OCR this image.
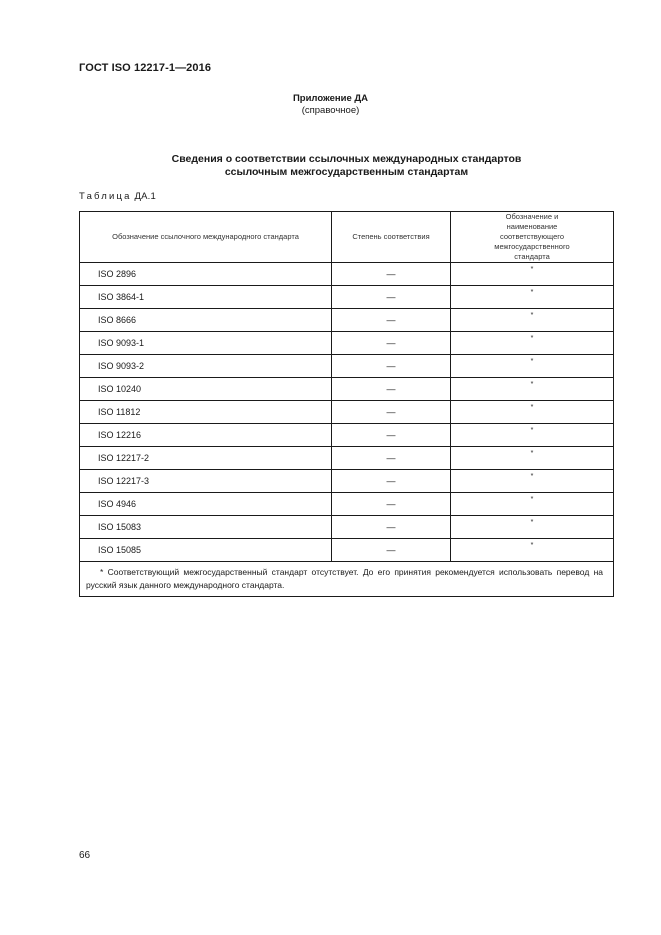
ГОСТ ISO 12217-1—2016
Приложение ДА
(справочное)
Сведения о соответствии ссылочных международных стандартов
ссылочным межгосударственным стандартам
Таблица ДА.1
Обозначение ссылочного международного стандарта	Степень соответствия	Обозначение и наименование соответствующего межгосударственного стандарта
ISO 2896	—	*
ISO 3864-1	—	*
ISO 8666	—	*
ISO 9093-1	—	*
ISO 9093-2	—	*
ISO 10240	—	*
ISO 11812	—	*
ISO 12216	—	*
ISO 12217-2	—	*
ISO 12217-3	—	*
ISO 4946	—	*
ISO 15083	—	*
ISO 15085	—	*
* Соответствующий межгосударственный стандарт отсутствует. До его принятия рекомендуется использовать перевод на русский язык данного международного стандарта.		
66
